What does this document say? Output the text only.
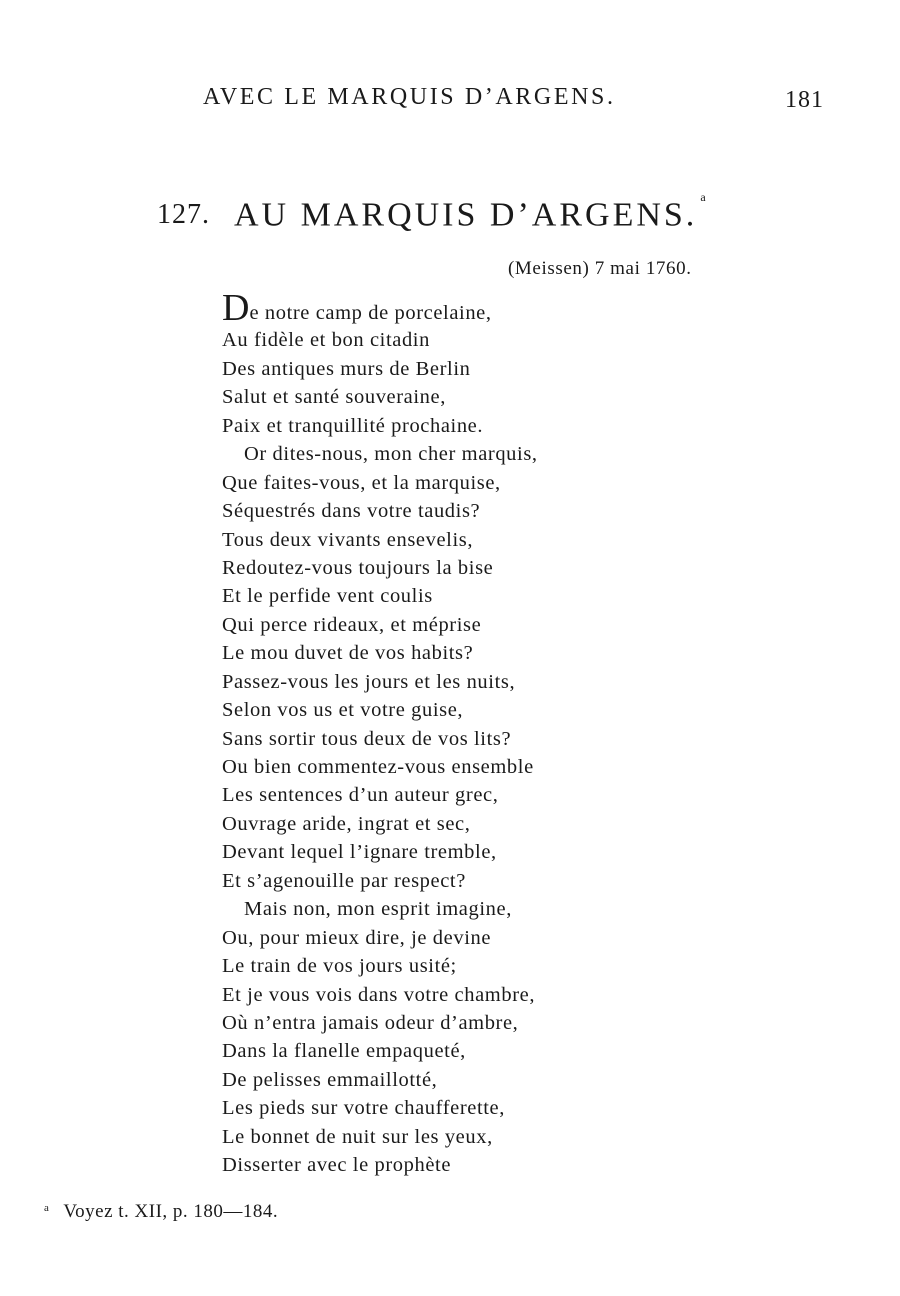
AVEC LE MARQUIS D’ARGENS.	181
127. AU MARQUIS D’ARGENS. $^a$
(Meissen) 7 mai 1760.
De notre camp de porcelaine,
Au fidèle et bon citadin
Des antiques murs de Berlin
Salut et santé souveraine,
Paix et tranquillité prochaine.
Or dites-nous, mon cher marquis,
Que faites-vous, et la marquise,
Séquestrés dans votre taudis?
Tous deux vivants ensevelis,
Redoutez-vous toujours la bise
Et le perfide vent coulis
Qui perce rideaux, et méprise
Le mou duvet de vos habits?
Passez-vous les jours et les nuits,
Selon vos us et votre guise,
Sans sortir tous deux de vos lits?
Ou bien commentez-vous ensemble
Les sentences d’un auteur grec,
Ouvrage aride, ingrat et sec,
Devant lequel l’ignare tremble,
Et s’agenouille par respect?
Mais non, mon esprit imagine,
Ou, pour mieux dire, je devine
Le train de vos jours usité;
Et je vous vois dans votre chambre,
Où n’entra jamais odeur d’ambre,
Dans la flanelle empaqueté,
De pelisses emmaillotté,
Les pieds sur votre chaufferette,
Le bonnet de nuit sur les yeux,
Disserter avec le prophète
$^a$ Voyez t. XII, p. 180—184.
